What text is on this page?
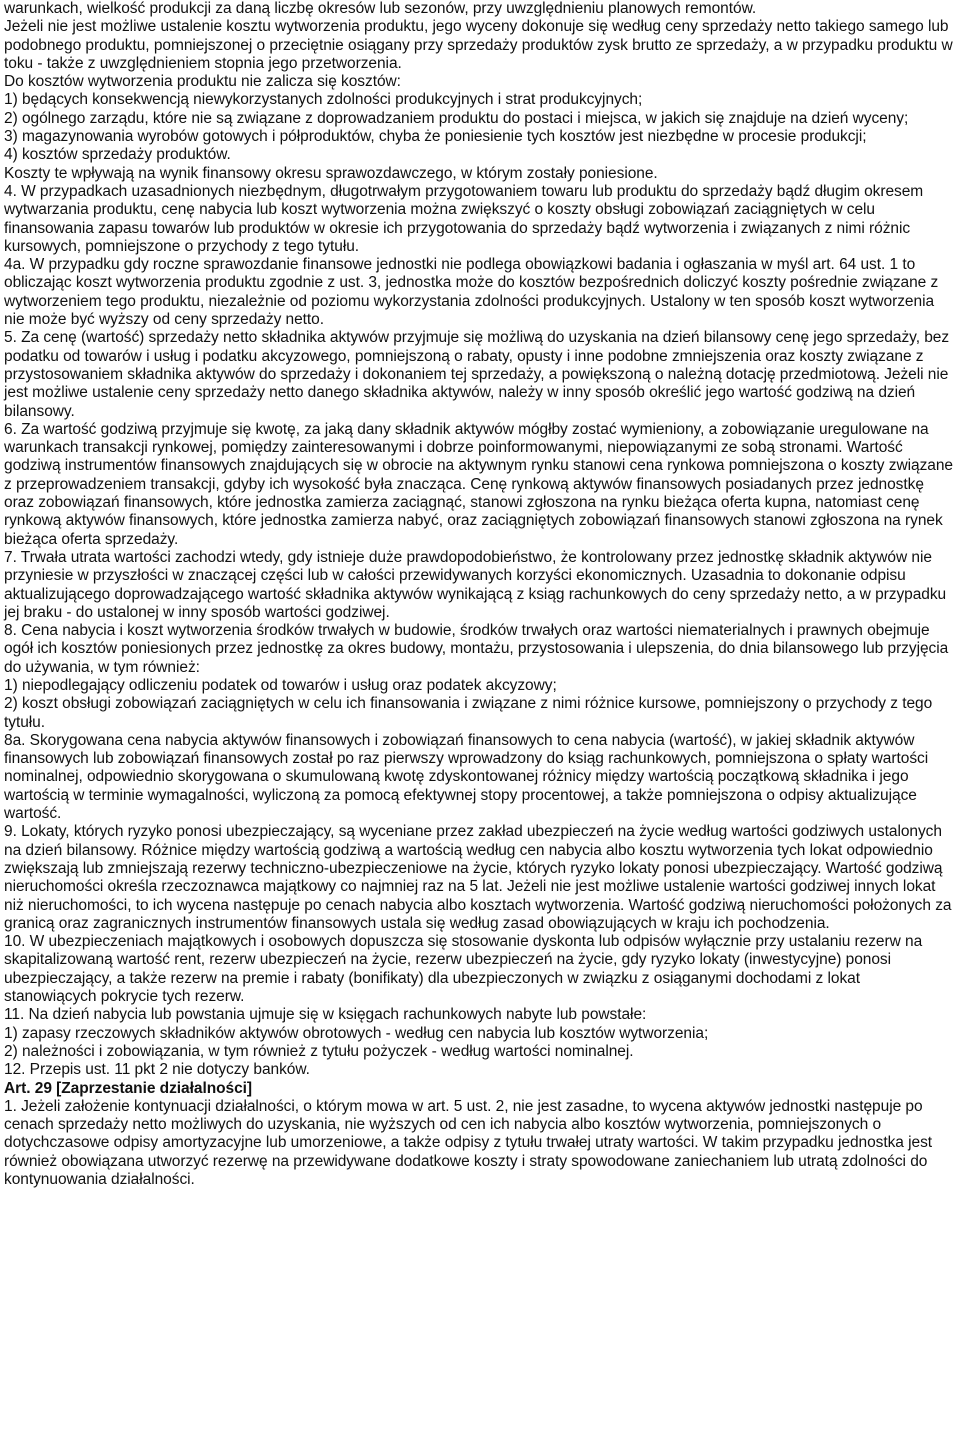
warunkach, wielkość produkcji za daną liczbę okresów lub sezonów, przy uwzględnieniu planowych remontów.

Jeżeli nie jest możliwe ustalenie kosztu wytworzenia produktu, jego wyceny dokonuje się według ceny sprzedaży netto takiego samego lub podobnego produktu, pomniejszonej o przeciętnie osiągany przy sprzedaży produktów zysk brutto ze sprzedaży, a w przypadku produktu w toku - także z uwzględnieniem stopnia jego przetworzenia.

Do kosztów wytworzenia produktu nie zalicza się kosztów:

1) będących konsekwencją niewykorzystanych zdolności produkcyjnych i strat produkcyjnych;

2) ogólnego zarządu, które nie są związane z doprowadzaniem produktu do postaci i miejsca, w jakich się znajduje na dzień wyceny;

3) magazynowania wyrobów gotowych i półproduktów, chyba że poniesienie tych kosztów jest niezbędne w procesie produkcji;

4) kosztów sprzedaży produktów.

Koszty te wpływają na wynik finansowy okresu sprawozdawczego, w którym zostały poniesione.

4. W przypadkach uzasadnionych niezbędnym, długotrwałym przygotowaniem towaru lub produktu do sprzedaży bądź długim okresem wytwarzania produktu, cenę nabycia lub koszt wytworzenia można zwiększyć o koszty obsługi zobowiązań zaciągniętych w celu finansowania zapasu towarów lub produktów w okresie ich przygotowania do sprzedaży bądź wytworzenia i związanych z nimi różnic kursowych, pomniejszone o przychody z tego tytułu.

4a. W przypadku gdy roczne sprawozdanie finansowe jednostki nie podlega obowiązkowi badania i ogłaszania w myśl art. 64 ust. 1 to obliczając koszt wytworzenia produktu zgodnie z ust. 3, jednostka może do kosztów bezpośrednich doliczyć koszty pośrednie związane z wytworzeniem tego produktu, niezależnie od poziomu wykorzystania zdolności produkcyjnych. Ustalony w ten sposób koszt wytworzenia nie może być wyższy od ceny sprzedaży netto.

5. Za cenę (wartość) sprzedaży netto składnika aktywów przyjmuje się możliwą do uzyskania na dzień bilansowy cenę jego sprzedaży, bez podatku od towarów i usług i podatku akcyzowego, pomniejszoną o rabaty, opusty i inne podobne zmniejszenia oraz koszty związane z przystosowaniem składnika aktywów do sprzedaży i dokonaniem tej sprzedaży, a powiększoną o należną dotację przedmiotową. Jeżeli nie jest możliwe ustalenie ceny sprzedaży netto danego składnika aktywów, należy w inny sposób określić jego wartość godziwą na dzień bilansowy.

6. Za wartość godziwą przyjmuje się kwotę, za jaką dany składnik aktywów mógłby zostać wymieniony, a zobowiązanie uregulowane na warunkach transakcji rynkowej, pomiędzy zainteresowanymi i dobrze poinformowanymi, niepowiązanymi ze sobą stronami. Wartość godziwą instrumentów finansowych znajdujących się w obrocie na aktywnym rynku stanowi cena rynkowa pomniejszona o koszty związane z przeprowadzeniem transakcji, gdyby ich wysokość była znacząca. Cenę rynkową aktywów finansowych posiadanych przez jednostkę oraz zobowiązań finansowych, które jednostka zamierza zaciągnąć, stanowi zgłoszona na rynku bieżąca oferta kupna, natomiast cenę rynkową aktywów finansowych, które jednostka zamierza nabyć, oraz zaciągniętych zobowiązań finansowych stanowi zgłoszona na rynek bieżąca oferta sprzedaży.

7. Trwała utrata wartości zachodzi wtedy, gdy istnieje duże prawdopodobieństwo, że kontrolowany przez jednostkę składnik aktywów nie przyniesie w przyszłości w znaczącej części lub w całości przewidywanych korzyści ekonomicznych. Uzasadnia to dokonanie odpisu aktualizującego doprowadzającego wartość składnika aktywów wynikającą z ksiąg rachunkowych do ceny sprzedaży netto, a w przypadku jej braku - do ustalonej w inny sposób wartości godziwej.

8. Cena nabycia i koszt wytworzenia środków trwałych w budowie, środków trwałych oraz wartości niematerialnych i prawnych obejmuje ogół ich kosztów poniesionych przez jednostkę za okres budowy, montażu, przystosowania i ulepszenia, do dnia bilansowego lub przyjęcia do używania, w tym również:

1) niepodlegający odliczeniu podatek od towarów i usług oraz podatek akcyzowy;

2) koszt obsługi zobowiązań zaciągniętych w celu ich finansowania i związane z nimi różnice kursowe, pomniejszony o przychody z tego tytułu.

8a. Skorygowana cena nabycia aktywów finansowych i zobowiązań finansowych to cena nabycia (wartość), w jakiej składnik aktywów finansowych lub zobowiązań finansowych został po raz pierwszy wprowadzony do ksiąg rachunkowych, pomniejszona o spłaty wartości nominalnej, odpowiednio skorygowana o skumulowaną kwotę zdyskontowanej różnicy między wartością początkową składnika i jego wartością w terminie wymagalności, wyliczoną za pomocą efektywnej stopy procentowej, a także pomniejszona o odpisy aktualizujące wartość.

9. Lokaty, których ryzyko ponosi ubezpieczający, są wyceniane przez zakład ubezpieczeń na życie według wartości godziwych ustalonych na dzień bilansowy. Różnice między wartością godziwą a wartością według cen nabycia albo kosztu wytworzenia tych lokat odpowiednio zwiększają lub zmniejszają rezerwy techniczno-ubezpieczeniowe na życie, których ryzyko lokaty ponosi ubezpieczający. Wartość godziwą nieruchomości określa rzeczoznawca majątkowy co najmniej raz na 5 lat. Jeżeli nie jest możliwe ustalenie wartości godziwej innych lokat niż nieruchomości, to ich wycena następuje po cenach nabycia albo kosztach wytworzenia. Wartość godziwą nieruchomości położonych za granicą oraz zagranicznych instrumentów finansowych ustala się według zasad obowiązujących w kraju ich pochodzenia.

10. W ubezpieczeniach majątkowych i osobowych dopuszcza się stosowanie dyskonta lub odpisów wyłącznie przy ustalaniu rezerw na skapitalizowaną wartość rent, rezerw ubezpieczeń na życie, rezerw ubezpieczeń na życie, gdy ryzyko lokaty (inwestycyjne) ponosi ubezpieczający, a także rezerw na premie i rabaty (bonifikaty) dla ubezpieczonych w związku z osiąganymi dochodami z lokat stanowiących pokrycie tych rezerw.

11. Na dzień nabycia lub powstania ujmuje się w księgach rachunkowych nabyte lub powstałe:

1) zapasy rzeczowych składników aktywów obrotowych - według cen nabycia lub kosztów wytworzenia;

2) należności i zobowiązania, w tym również z tytułu pożyczek - według wartości nominalnej.

12. Przepis ust. 11 pkt 2 nie dotyczy banków.

Art. 29 [Zaprzestanie działalności]

1. Jeżeli założenie kontynuacji działalności, o którym mowa w art. 5 ust. 2, nie jest zasadne, to wycena aktywów jednostki następuje po cenach sprzedaży netto możliwych do uzyskania, nie wyższych od cen ich nabycia albo kosztów wytworzenia, pomniejszonych o dotychczasowe odpisy amortyzacyjne lub umorzeniowe, a także odpisy z tytułu trwałej utraty wartości. W takim przypadku jednostka jest również obowiązana utworzyć rezerwę na przewidywane dodatkowe koszty i straty spowodowane zaniechaniem lub utratą zdolności do kontynuowania działalności.
